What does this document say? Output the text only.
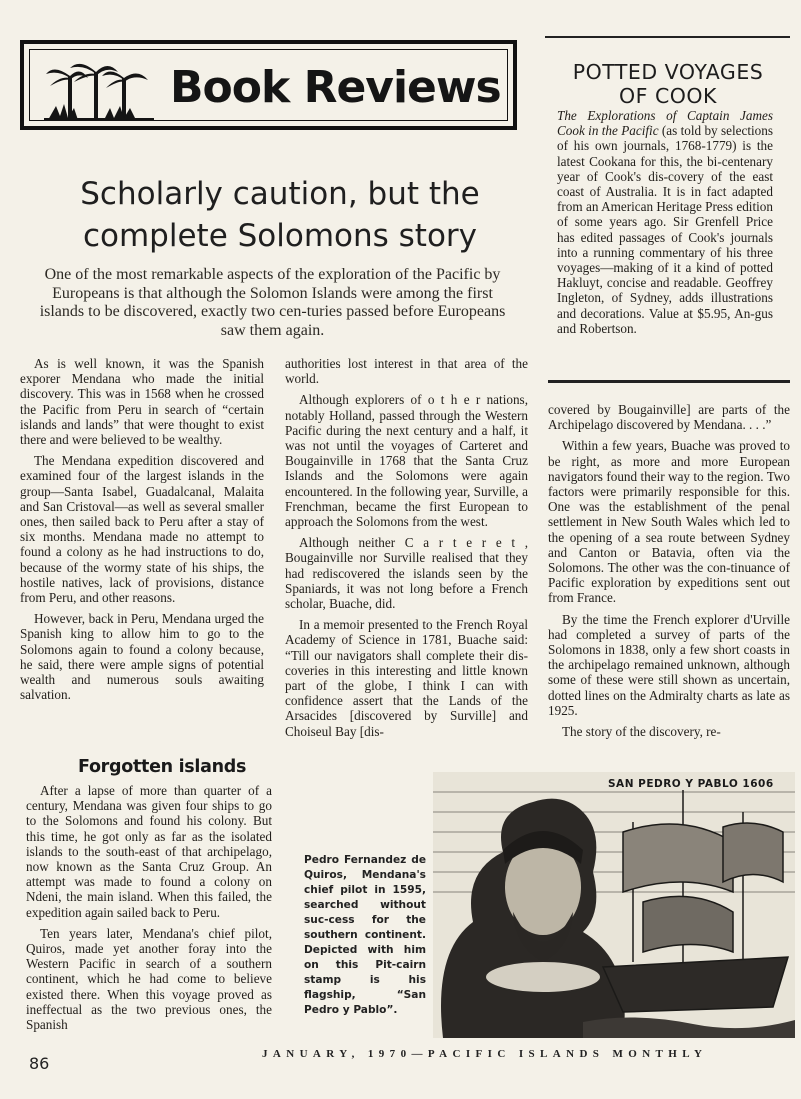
Book Reviews
Scholarly caution, but the
complete Solomons story
One of the most remarkable aspects of the exploration of the Pacific by Europeans is that although the Solomon Islands were among the first islands to be discovered, exactly two cen-turies passed before Europeans saw them again.

As is well known, it was the Spanish exporer Mendana who made the initial discovery. This was in 1568 when he crossed the Pacific from Peru in search of “certain islands and lands” that were thought to exist there and were believed to be wealthy.

The Mendana expedition discovered and examined four of the largest islands in the group—Santa Isabel, Guadalcanal, Malaita and San Cristoval—as well as several smaller ones, then sailed back to Peru after a stay of six months. Mendana made no attempt to found a colony as he had instructions to do, because of the wormy state of his ships, the hostile natives, lack of provisions, distance from Peru, and other reasons.

However, back in Peru, Mendana urged the Spanish king to allow him to go to the Solomons again to found a colony because, he said, there were ample signs of potential wealth and numerous souls awaiting salvation.

authorities lost interest in that area of the world.

Although explorers of o t h e r nations, notably Holland, passed through the Western Pacific during the next century and a half, it was not until the voyages of Carteret and Bougainville in 1768 that the Santa Cruz Islands and the Solomons were again encountered. In the following year, Surville, a Frenchman, became the first European to approach the Solomons from the west.

Although neither C a r t e r e t , Bougainville nor Surville realised that they had rediscovered the islands seen by the Spaniards, it was not long before a French scholar, Buache, did.

In a memoir presented to the French Royal Academy of Science in 1781, Buache said: “Till our navigators shall complete their dis-coveries in this interesting and little known part of the globe, I think I can with confidence assert that the Lands of the Arsacides [discovered by Surville] and Choiseul Bay [dis-

POTTED VOYAGES
OF COOK
The Explorations of Captain James Cook in the Pacific (as told by selections of his own journals, 1768-1779) is the latest Cookana for this, the bi-centenary year of Cook's dis-covery of the east coast of Australia. It is in fact adapted from an American Heritage Press edition of some years ago. Sir Grenfell Price has edited passages of Cook's journals into a running commentary of his three voyages—making of it a kind of potted Hakluyt, concise and readable. Geoffrey Ingleton, of Sydney, adds illustrations and decorations. Value at $5.95, An-gus and Robertson.

covered by Bougainville] are parts of the Archipelago discovered by Mendana. . . .”

Within a few years, Buache was proved to be right, as more and more European navigators found their way to the region. Two factors were primarily responsible for this. One was the establishment of the penal settlement in New South Wales which led to the opening of a sea route between Sydney and Canton or Batavia, often via the Solomons. The other was the con-tinuance of Pacific exploration by expeditions sent out from France.

By the time the French explorer d'Urville had completed a survey of parts of the Solomons in 1838, only a few short coasts in the archipelago remained unknown, although some of these were still shown as uncertain, dotted lines on the Admiralty charts as late as 1925.

The story of the discovery, re-

Forgotten islands

After a lapse of more than quarter of a century, Mendana was given four ships to go to the Solomons and found his colony. But this time, he got only as far as the isolated islands to the south-east of that archipelago, now known as the Santa Cruz Group. An attempt was made to found a colony on Ndeni, the main island. When this failed, the expedition again sailed back to Peru.

Ten years later, Mendana's chief pilot, Quiros, made yet another foray into the Western Pacific in search of a southern continent, which he had come to believe existed there. When this voyage proved as ineffectual as the two previous ones, the Spanish

Pedro Fernandez de Quiros, Mendana's chief pilot in 1595, searched without suc-cess for the southern continent. Depicted with him on this Pit-cairn stamp is his flagship, “San Pedro y Pablo”.
SAN PEDRO Y PABLO 1606
86	JANUARY, 1970—PACIFIC ISLANDS MONTHLY
